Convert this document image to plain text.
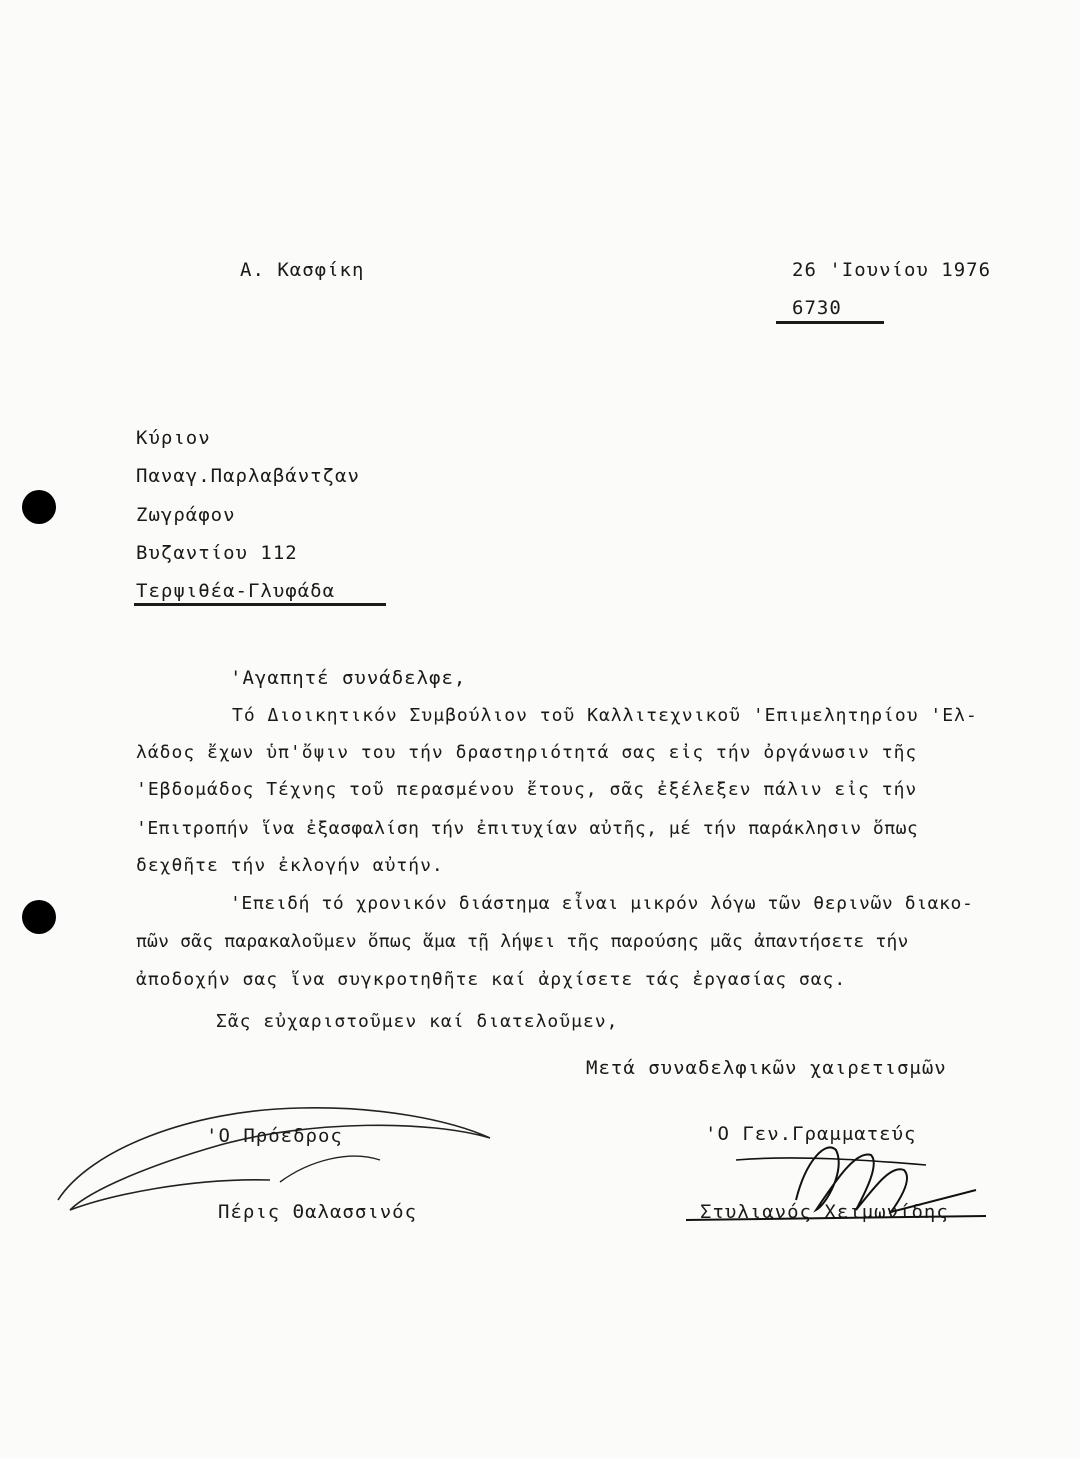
Α. Κασφίκη	26 'Ιουνίου 1976
6730
Κύριον
Παναγ.Παρλαβάντζαν
Ζωγράφον
Βυζαντίου 112
Τερψιθέα-Γλυφάδα
'Αγαπητέ συνάδελφε,
Τό Διοικητικόν Συμβούλιον τοῦ Καλλιτεχνικοῦ 'Επιμελητηρίου 'Ελ-
λάδος ἔχων ὑπ'ὄψιν του τήν δραστηριότητά σας εἰς τήν ὀργάνωσιν τῆς
'Εβδομάδος Τέχνης τοῦ περασμένου ἔτους, σᾶς ἐξέλεξεν πάλιν εἰς τήν
'Επιτροπήν ἵνα ἐξασφαλίση τήν ἐπιτυχίαν αὐτῆς, μέ τήν παράκλησιν ὅπως
δεχθῆτε τήν ἐκλογήν αὐτήν.
'Επειδή τό χρονικόν διάστημα εἶναι μικρόν λόγω τῶν θερινῶν διακο-
πῶν σᾶς παρακαλοῦμεν ὅπως ἅμα τῇ λήψει τῆς παρούσης μᾶς ἀπαντήσετε τήν
ἀποδοχήν σας ἵνα συγκροτηθῆτε καί ἀρχίσετε τάς ἐργασίας σας.
Σᾶς εὐχαριστοῦμεν καί διατελοῦμεν,
Μετά συναδελφικῶν χαιρετισμῶν
'Ο Πρόεδρος
Πέρις Θαλασσινός
'Ο Γεν.Γραμματεύς
Στυλιανός Χειμωνίδης
